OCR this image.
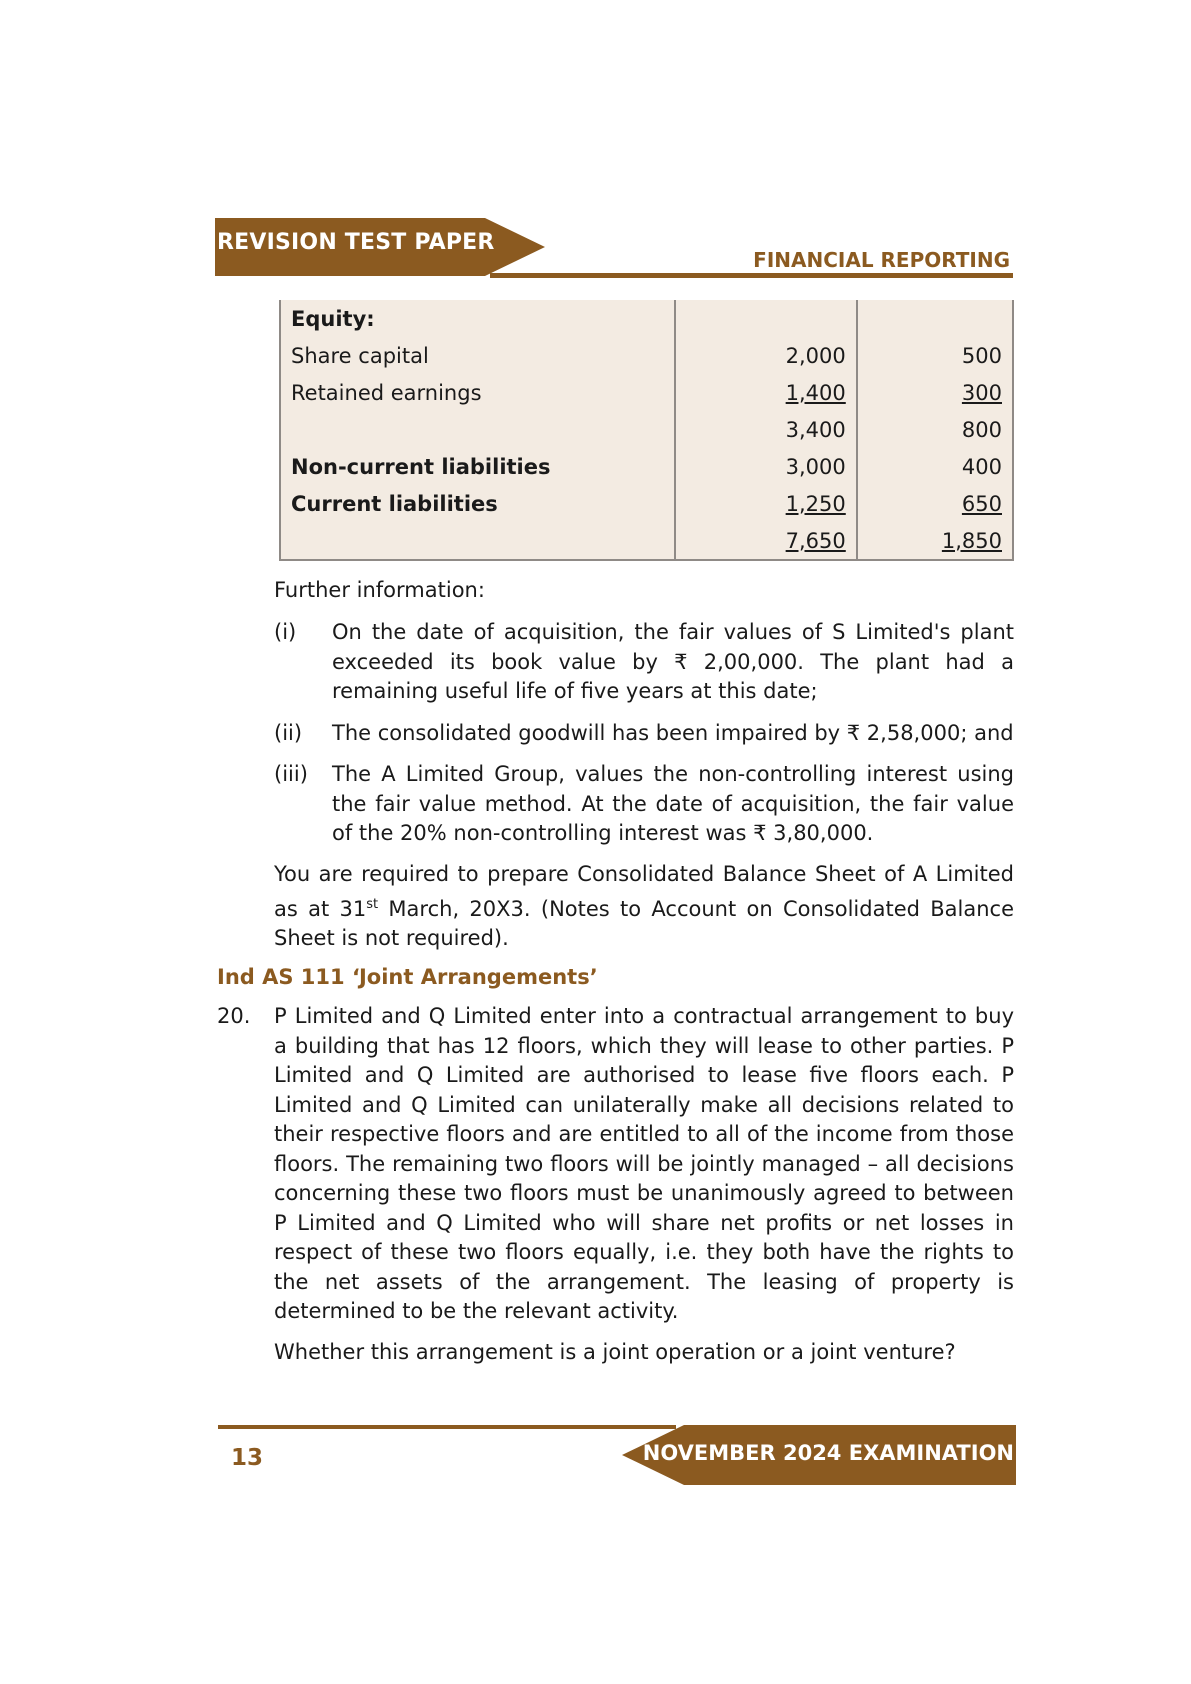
REVISION TEST PAPER
FINANCIAL REPORTING
Equity:		
Share capital	2,000	500
Retained earnings	1,400	300
	3,400	800
Non-current liabilities	3,000	400
Current liabilities	1,250	650
	7,650	1,850
Further information:
(i) On the date of acquisition, the fair values of S Limited's plant exceeded its book value by ₹ 2,00,000. The plant had a remaining useful life of five years at this date;
(ii) The consolidated goodwill has been impaired by ₹ 2,58,000; and
(iii) The A Limited Group, values the non-controlling interest using the fair value method. At the date of acquisition, the fair value of the 20% non-controlling interest was ₹ 3,80,000.
You are required to prepare Consolidated Balance Sheet of A Limited as at 31st March, 20X3. (Notes to Account on Consolidated Balance Sheet is not required).
Ind AS 111 ‘Joint Arrangements’
20. P Limited and Q Limited enter into a contractual arrangement to buy a building that has 12 floors, which they will lease to other parties. P Limited and Q Limited are authorised to lease five floors each. P Limited and Q Limited can unilaterally make all decisions related to their respective floors and are entitled to all of the income from those floors. The remaining two floors will be jointly managed – all decisions concerning these two floors must be unanimously agreed to between P Limited and Q Limited who will share net profits or net losses in respect of these two floors equally, i.e. they both have the rights to the net assets of the arrangement. The leasing of property is determined to be the relevant activity.
Whether this arrangement is a joint operation or a joint venture?
13	NOVEMBER 2024 EXAMINATION
